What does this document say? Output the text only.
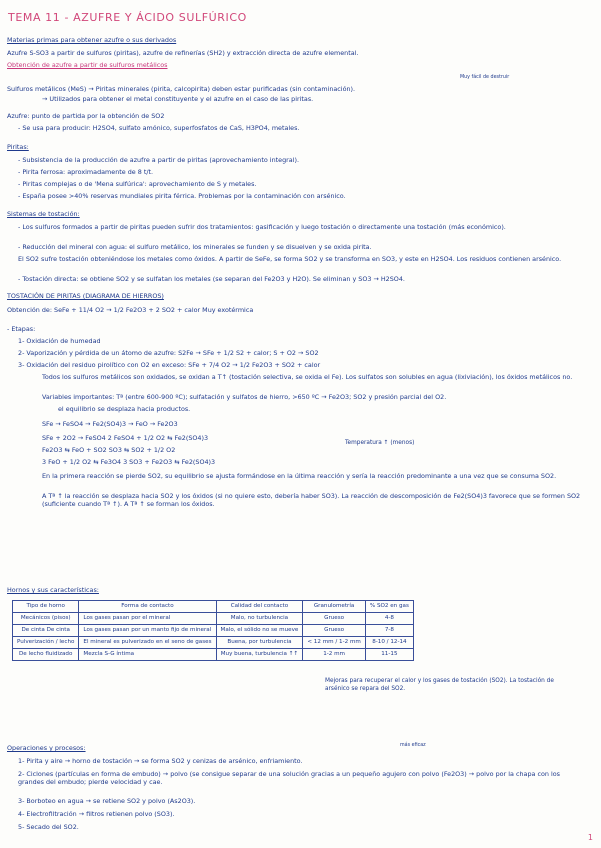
TEMA 11 - AZUFRE Y ÁCIDO SULFÚRICO
Materias primas para obtener azufre o sus derivados
Azufre S-SO3 a partir de sulfuros (piritas), azufre de refinerías (SH2) y extracción directa de azufre elemental.
Obtención de azufre a partir de sulfuros metálicos
Muy fácil de destruir
Sulfuros metálicos (MeS) → Piritas minerales (pirita, calcopirita) deben estar purificadas (sin contaminación).
→ Utilizados para obtener el metal constituyente y el azufre en el caso de las piritas.
Azufre: punto de partida por la obtención de SO2
- Se usa para producir: H2SO4, sulfato amónico, superfosfatos de CaS, H3PO4, metales.
Piritas:
- Subsistencia de la producción de azufre a partir de piritas (aprovechamiento integral).
- Pirita ferrosa: aproximadamente de 8 t/t.
- Piritas complejas o de 'Mena sulfúrica': aprovechamiento de S y metales.
- España posee >40% reservas mundiales pirita férrica. Problemas por la contaminación con arsénico.
Sistemas de tostación:
- Los sulfuros formados a partir de piritas pueden sufrir dos tratamientos: gasificación y luego tostación o directamente una tostación (más económico).
- Reducción del mineral con agua: el sulfuro metálico, los minerales se funden y se disuelven y se oxida pirita.
El SO2 sufre tostación obteniéndose los metales como óxidos. A partir de SeFe, se forma SO2 y se transforma en SO3, y este en H2SO4. Los residuos contienen arsénico.
- Tostación directa: se obtiene SO2 y se sulfatan los metales (se separan del Fe2O3 y H2O). Se eliminan y SO3 → H2SO4.
TOSTACIÓN DE PIRITAS (DIAGRAMA DE HIERROS)
Obtención de: SeFe + 11/4 O2 → 1/2 Fe2O3 + 2 SO2 + calor Muy exotérmica
- Etapas:
1- Oxidación de humedad
2- Vaporización y pérdida de un átomo de azufre: S2Fe → SFe + 1/2 S2 + calor; S + O2 → SO2
3- Oxidación del residuo pirolítico con O2 en exceso: SFe + 7/4 O2 → 1/2 Fe2O3 + SO2 + calor
Todos los sulfuros metálicos son oxidados, se oxidan a T↑ (tostación selectiva, se oxida el Fe). Los sulfatos son solubles en agua (lixiviación), los óxidos metálicos no.
Variables importantes: Tª (entre 600-900 ºC); sulfatación y sulfatos de hierro, >650 ºC → Fe2O3; SO2 y presión parcial del O2.
el equilibrio se desplaza hacia productos.
SFe → FeSO4 → Fe2(SO4)3 → FeO → Fe2O3
SFe + 2O2 → FeSO4 2 FeSO4 + 1/2 O2 ⇆ Fe2(SO4)3
Fe2O3 ⇆ FeO + SO2 SO3 ⇆ SO2 + 1/2 O2
3 FeO + 1/2 O2 ⇆ Fe3O4 3 SO3 + Fe2O3 ⇆ Fe2(SO4)3
Temperatura ↑ (menos)
En la primera reacción se pierde SO2, su equilibrio se ajusta formándose en la última reacción y sería la reacción predominante a una vez que se consuma SO2.
A Tª ↑ la reacción se desplaza hacia SO2 y los óxidos (si no quiere esto, debería haber SO3). La reacción de descomposición de Fe2(SO4)3 favorece que se formen SO2 (suficiente cuando Tª ↑). A Tª ↑ se forman los óxidos.
Hornos y sus características:
Tipo de horno	Forma de contacto	Calidad del contacto	Granulometría	% SO2 en gas
Mecánicos (pisos)	Los gases pasan por el mineral	Malo, no turbulencia	Grueso	4-8
De cinta De cinta	Los gases pasan por un manto fijo de mineral	Malo, el sólido no se mueve	Grueso	7-8
Pulverización / lecho	El mineral es pulverizado en el seno de gases	Buena, por turbulencia	< 12 mm / 1-2 mm	8-10 / 12-14
De lecho fluidizado	Mezcla S-G íntima	Muy buena, turbulencia ↑↑	1-2 mm	11-15
Mejoras para recuperar el calor y los gases de tostación (SO2). La tostación de arsénico se repara del SO2.
más eficaz
Operaciones y procesos:
1- Pirita y aire → horno de tostación → se forma SO2 y cenizas de arsénico, enfriamiento.
2- Ciclones (partículas en forma de embudo) → polvo (se consigue separar de una solución gracias a un pequeño agujero con polvo (Fe2O3) → polvo por la chapa con los grandes del embudo; pierde velocidad y cae.
3- Borboteo en agua → se retiene SO2 y polvo (As2O3).
4- Electrofiltración → filtros retienen polvo (SO3).
5- Secado del SO2.
1
